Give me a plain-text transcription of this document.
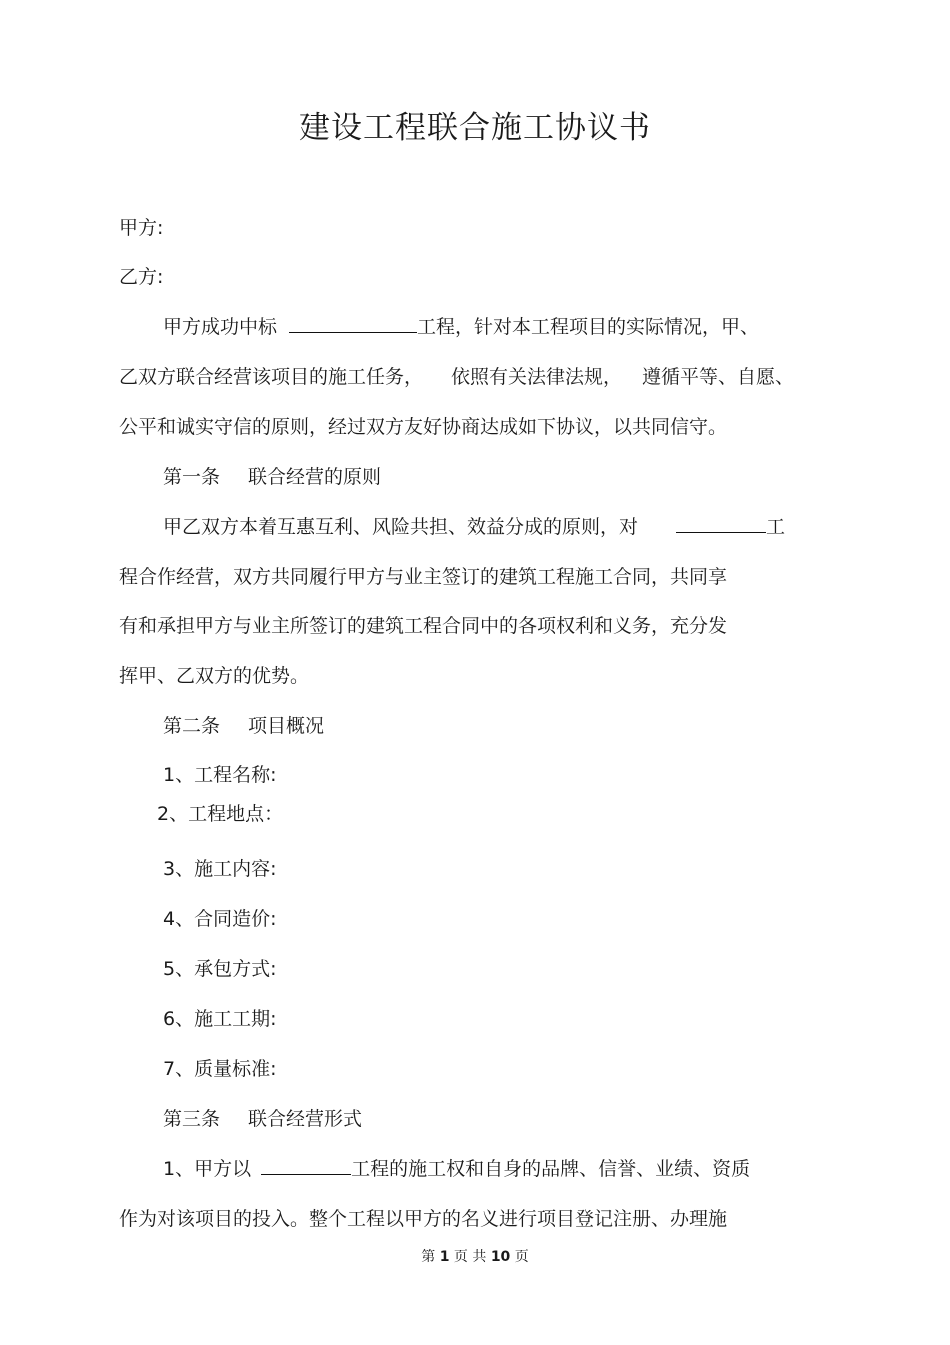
建设工程联合施工协议书
甲方:
乙方:
甲方成功中标	工程，针对本工程项目的实际情况，甲、
乙双方联合经营该项目的施工任务， 依照有关法律法规， 遵循平等、自愿、
公平和诚实守信的原则，经过双方友好协商达成如下协议，以共同信守。
第一条 联合经营的原则
甲乙双方本着互惠互利、风险共担、效益分成的原则，对	工
程合作经营，双方共同履行甲方与业主签订的建筑工程施工合同，共同享
有和承担甲方与业主所签订的建筑工程合同中的各项权利和义务，充分发
挥甲、乙双方的优势。
第二条 项目概况
1、工程名称:
2、工程地点：
3、施工内容:
4、合同造价:
5、承包方式:
6、施工工期:
7、质量标准:
第三条 联合经营形式
1、甲方以	工程的施工权和自身的品牌、信誉、业绩、资质
作为对该项目的投入。整个工程以甲方的名义进行项目登记注册、办理施
第 1 页 共 10 页
